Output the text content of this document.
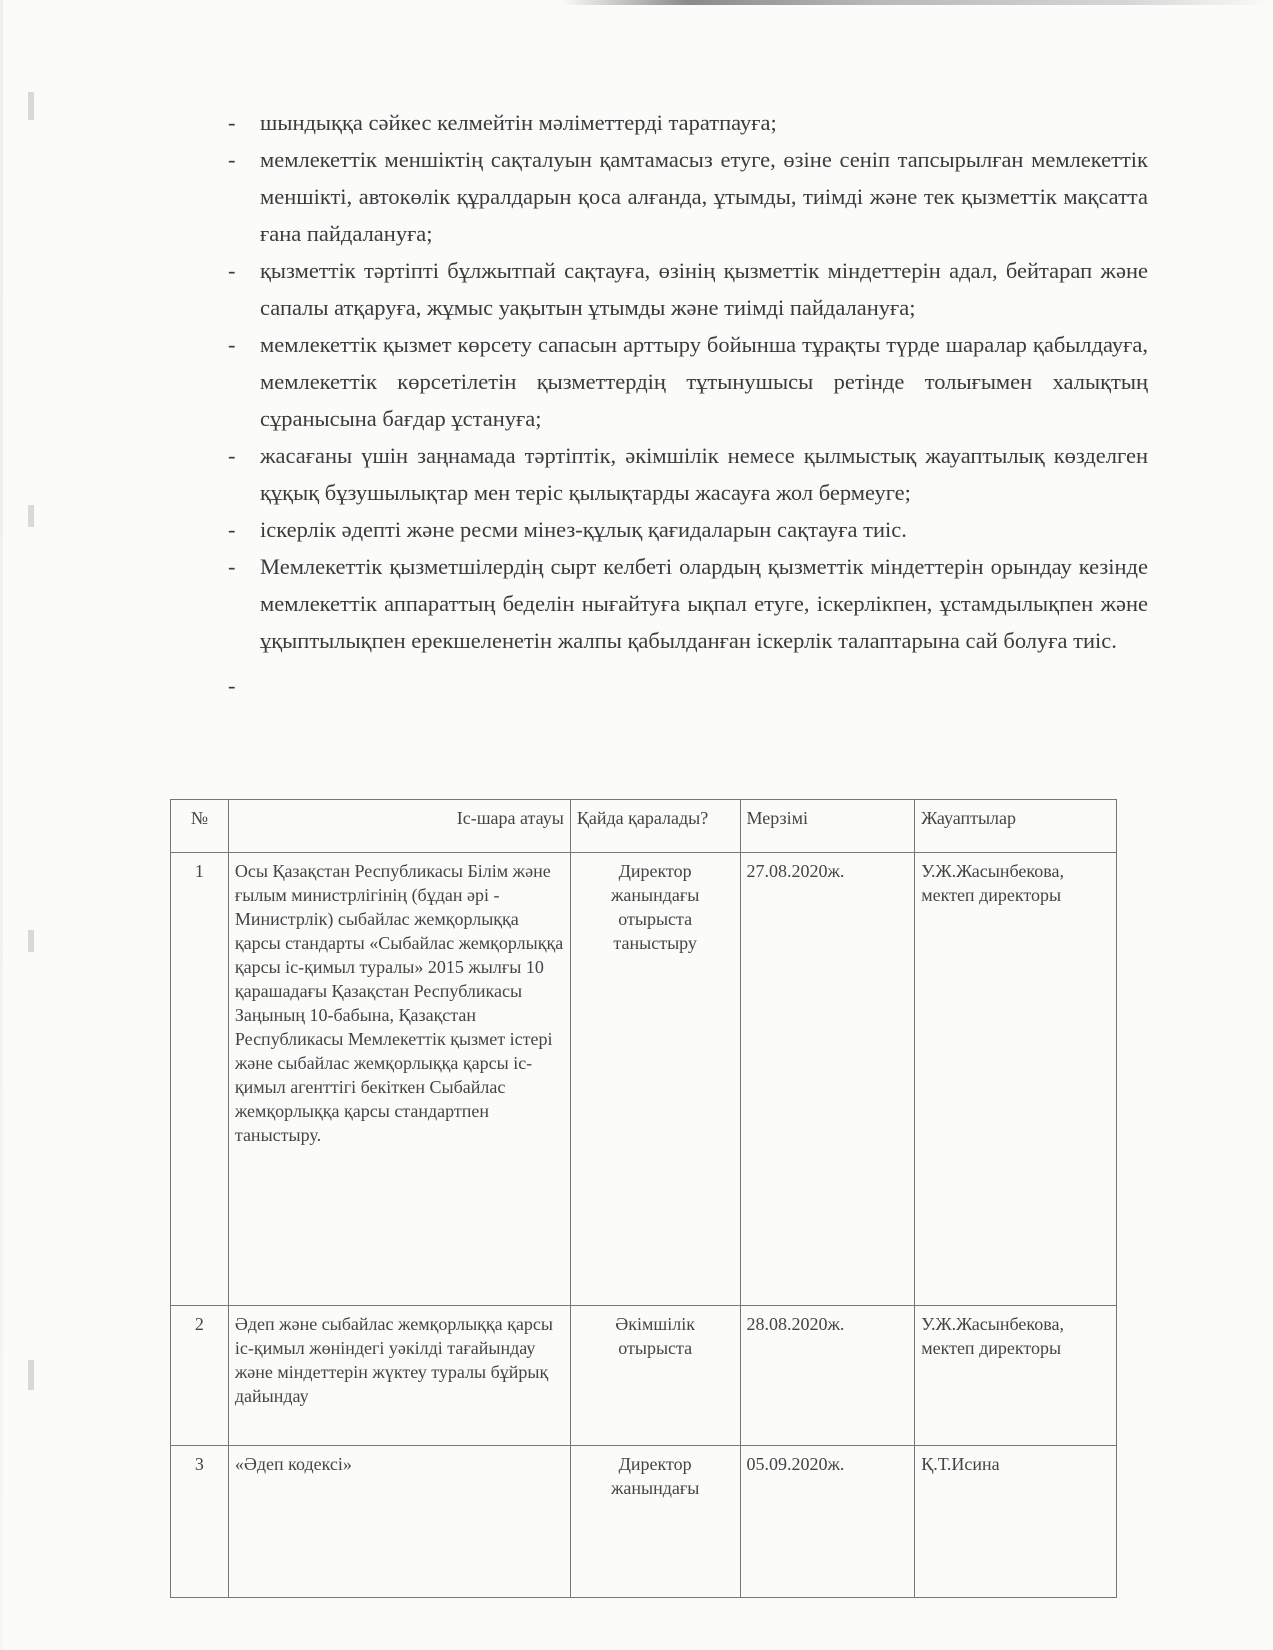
- шындыққа сәйкес келмейтін мәліметтерді таратпауға;
- мемлекеттік меншіктің сақталуын қамтамасыз етуге, өзіне сеніп тапсырылған мемлекеттік меншікті, автокөлік құралдарын қоса алғанда, ұтымды, тиімді және тек қызметтік мақсатта ғана пайдалануға;
- қызметтік тәртіпті бұлжытпай сақтауға, өзінің қызметтік міндеттерін адал, бейтарап және сапалы атқаруға, жұмыс уақытын ұтымды және тиімді пайдалануға;
- мемлекеттік қызмет көрсету сапасын арттыру бойынша тұрақты түрде шаралар қабылдауға, мемлекеттік көрсетілетін қызметтердің тұтынушысы ретінде толығымен халықтың сұранысына бағдар ұстануға;
- жасағаны үшін заңнамада тәртіптік, әкімшілік немесе қылмыстық жауаптылық көзделген құқық бұзушылықтар мен теріс қылықтарды жасауға жол бермеуге;
- іскерлік әдепті және ресми мінез-құлық қағидаларын сақтауға тиіс.
- Мемлекеттік қызметшілердің сырт келбеті олардың қызметтік міндеттерін орындау кезінде мемлекеттік аппараттың беделін нығайтуға ықпал етуге, іскерлікпен, ұстамдылықпен және ұқыптылықпен ерекшеленетін жалпы қабылданған іскерлік талаптарына сай болуға тиіс.
-
№	Іс-шара атауы	Қайда қаралады?	Мерзімі	Жауаптылар
1	Осы Қазақстан Республикасы Білім және ғылым министрлігінің (бұдан әрі - Министрлік) сыбайлас жемқорлыққа қарсы стандарты «Сыбайлас жемқорлыққа қарсы іс-қимыл туралы» 2015 жылғы 10 қарашадағы Қазақстан Республикасы Заңының 10-бабына, Қазақстан Республикасы Мемлекеттік қызмет істері және сыбайлас жемқорлыққа қарсы іс-қимыл агенттігі бекіткен Сыбайлас жемқорлыққа қарсы стандартпен таныстыру.	Директор жанындағы отырыста таныстыру	27.08.2020ж.	У.Ж.Жасынбекова, мектеп директоры
2	Әдеп және сыбайлас жемқорлыққа қарсы іс-қимыл жөніндегі уәкілді тағайындау және міндеттерін жүктеу туралы бұйрық дайындау	Әкімшілік отырыста	28.08.2020ж.	У.Ж.Жасынбекова, мектеп директоры
3	«Әдеп кодексі»	Директор жанындағы	05.09.2020ж.	Қ.Т.Исина
